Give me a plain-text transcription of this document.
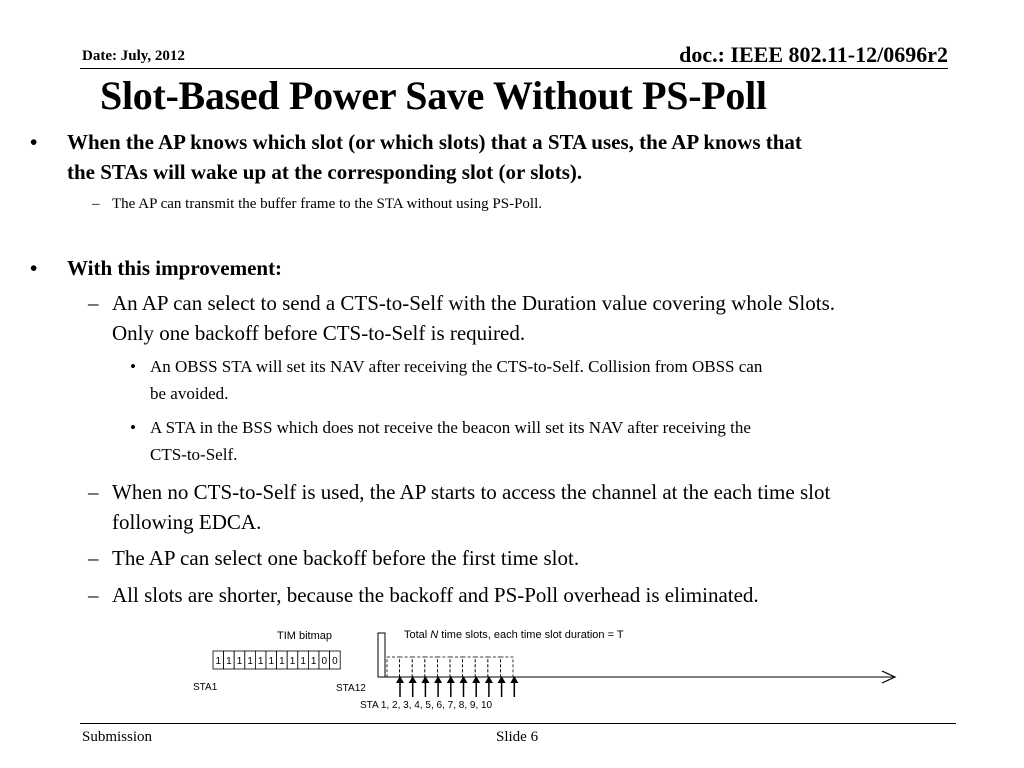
Date: July, 2012	doc.: IEEE 802.11-12/0696r2
Slot-Based Power Save Without PS-Poll
• When the AP knows which slot (or which slots) that a STA uses, the AP knows that
the STAs will wake up at the corresponding slot (or slots).
– The AP can transmit the buffer frame to the STA without using PS-Poll.
• With this improvement:
– An AP can select to send a CTS-to-Self with the Duration value covering whole Slots.
Only one backoff before CTS-to-Self is required.
• An OBSS STA will set its NAV after receiving the CTS-to-Self. Collision from OBSS can
be avoided.
• A STA in the BSS which does not receive the beacon will set its NAV after receiving the
CTS-to-Self.
– When no CTS-to-Self is used, the AP starts to access the channel at the each time slot
following EDCA.
– The AP can select one backoff before the first time slot.
– All slots are shorter, because the backoff and PS-Poll overhead is eliminated.
1 1 1 1 1 1 1 1 1 1 0 0
TIM bitmap
STA1	STA12
Total N time slots, each time slot duration = T
STA 1, 2, 3, 4, 5, 6, 7, 8, 9, 10
Submission	Slide 6
